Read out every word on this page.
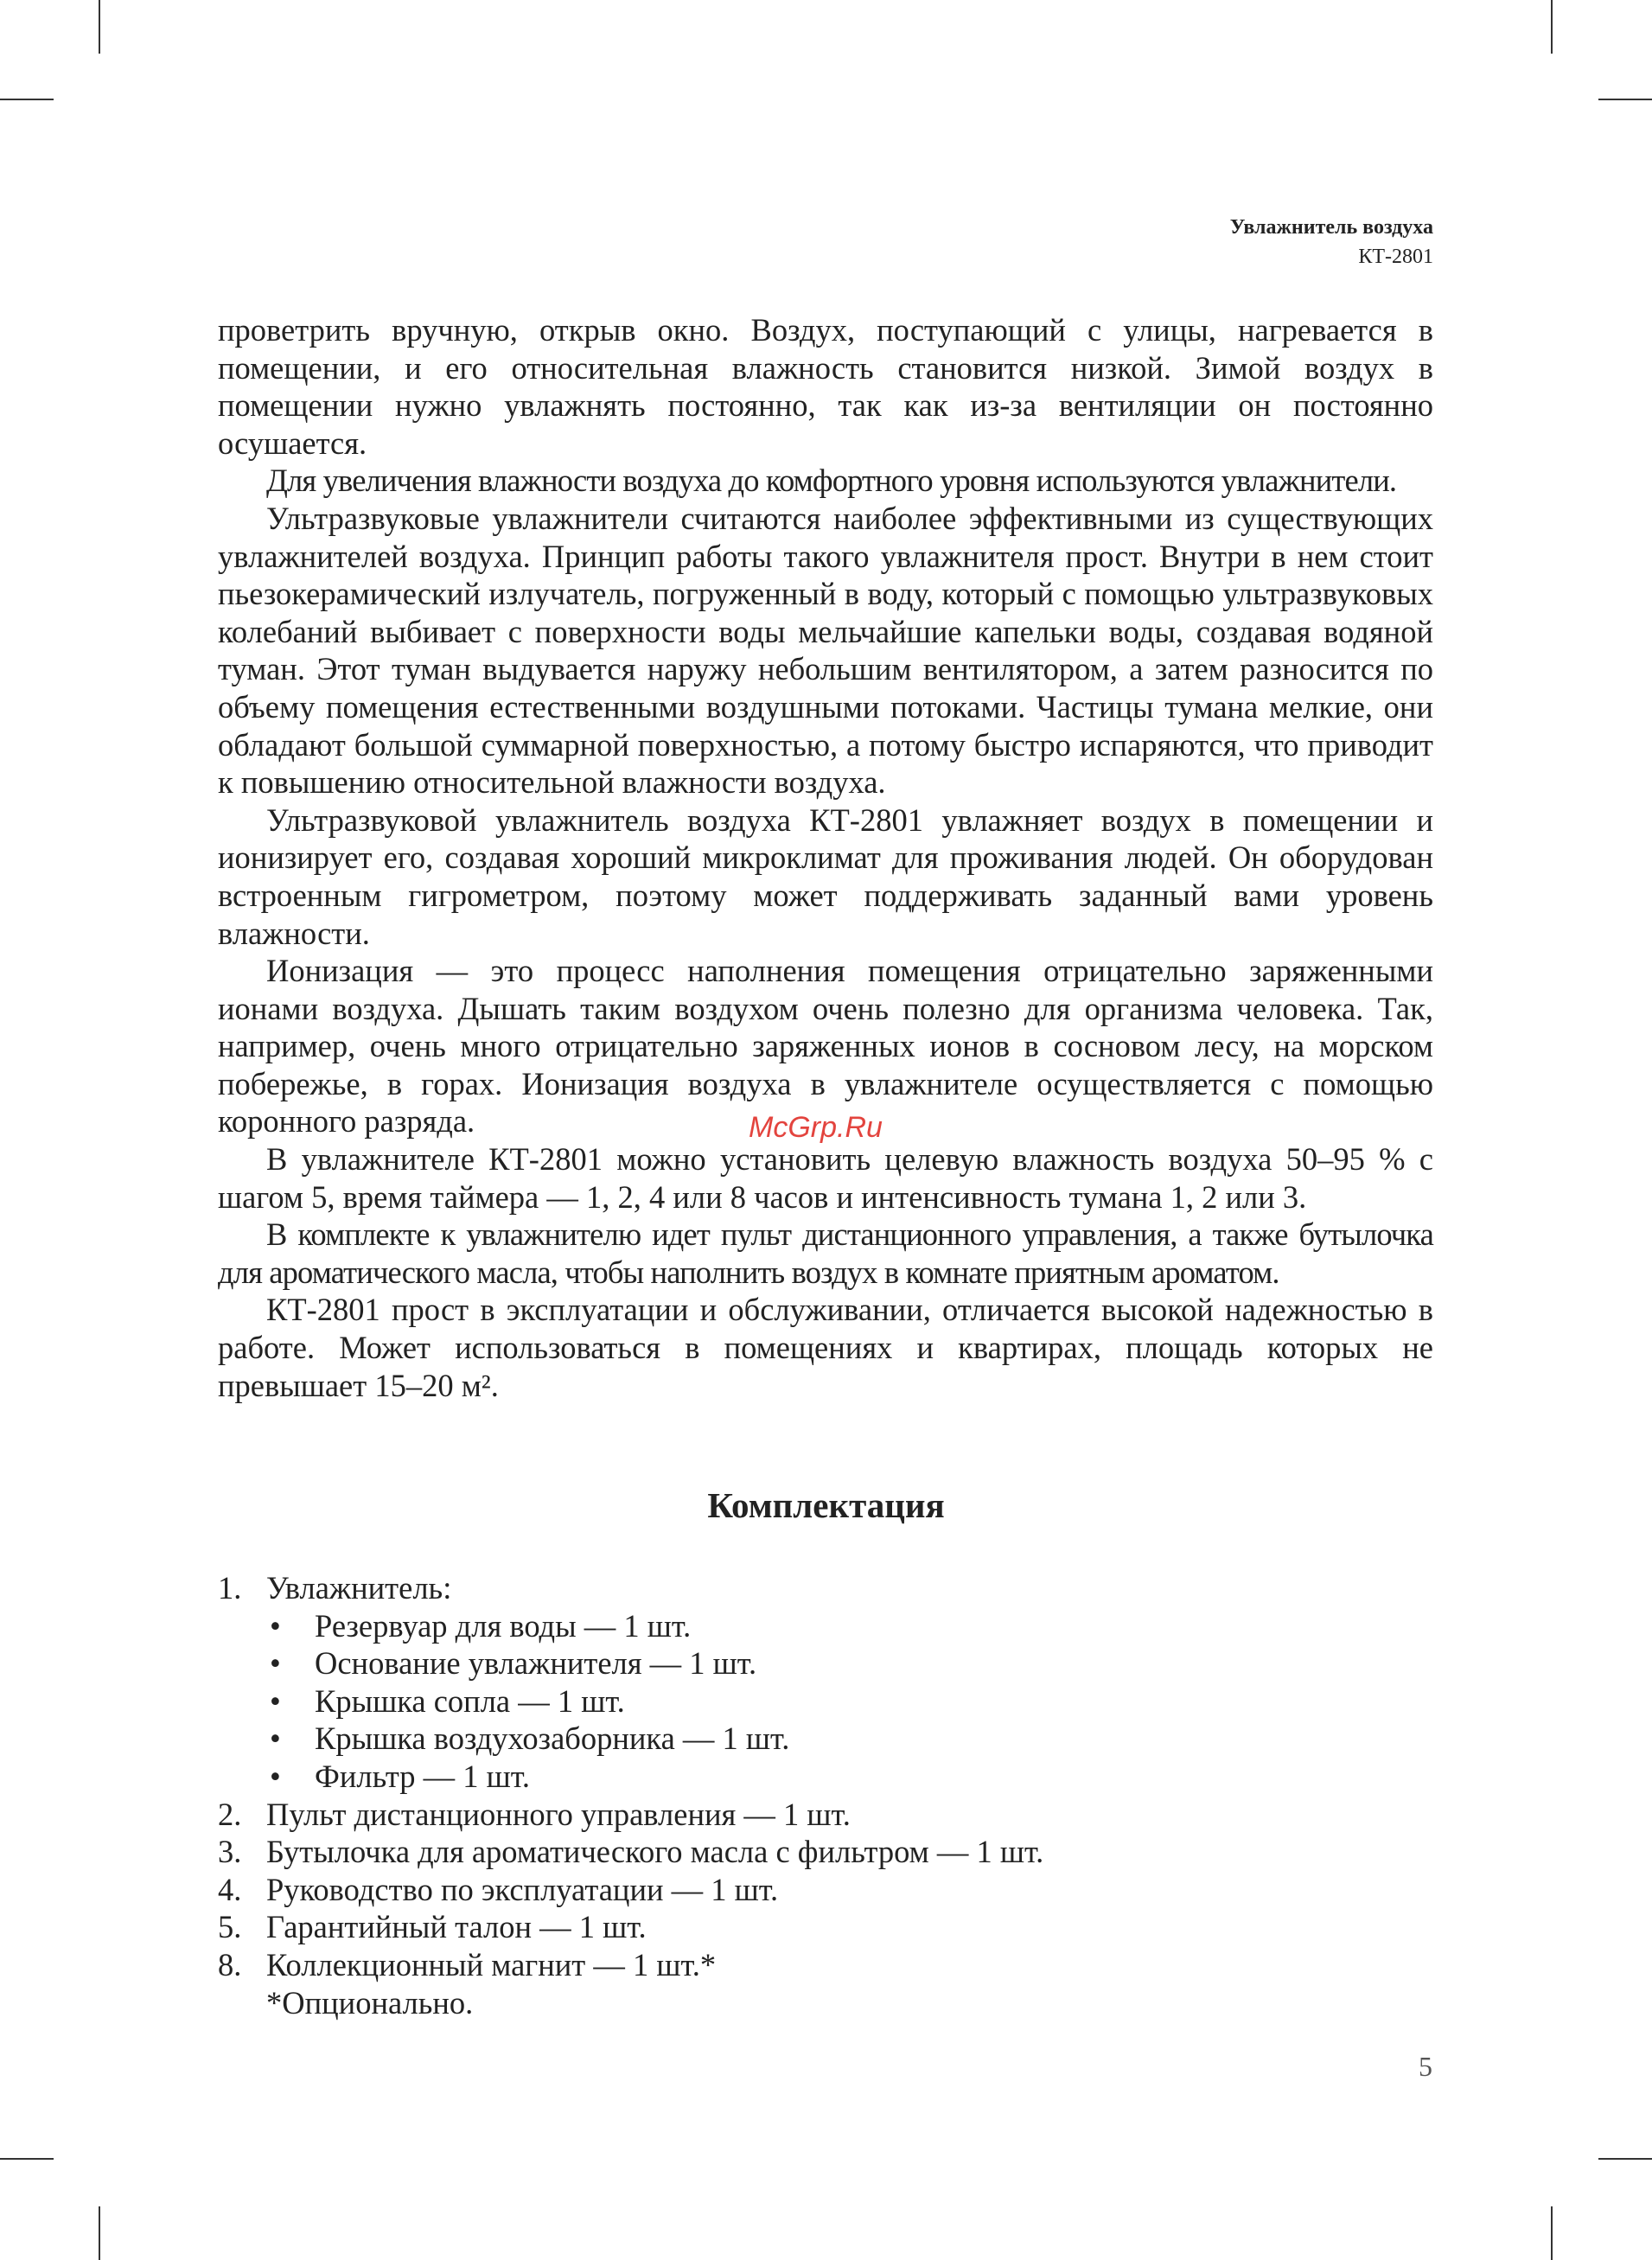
Увлажнитель воздуха
КТ-2801

проветрить вручную, открыв окно. Воздух, поступающий с улицы, нагревается в помещении, и его относительная влажность становится низкой. Зимой воздух в помещении нужно увлажнять постоянно, так как из-за вентиляции он постоянно осушается.

Для увеличения влажности воздуха до комфортного уровня используются увлажнители.

Ультразвуковые увлажнители считаются наиболее эффективными из существующих увлажнителей воздуха. Принцип работы такого увлажнителя прост. Внутри в нем стоит пьезокерамический излучатель, погруженный в воду, который с помощью ультразвуковых колебаний выбивает с поверхности воды мельчайшие капельки воды, создавая водяной туман. Этот туман выдувается наружу небольшим вентилятором, а затем разносится по объему помещения естественными воздушными потоками. Частицы тумана мелкие, они обладают большой суммарной поверхностью, а потому быстро испаряются, что приводит к повышению относительной влажности воздуха.

Ультразвуковой увлажнитель воздуха КТ-2801 увлажняет воздух в помещении и ионизирует его, создавая хороший микроклимат для проживания людей. Он оборудован встроенным гигрометром, поэтому может поддерживать заданный вами уровень влажности.

Ионизация — это процесс наполнения помещения отрицательно заряженными ионами воздуха. Дышать таким воздухом очень полезно для организма человека. Так, например, очень много отрицательно заряженных ионов в сосновом лесу, на морском побережье, в горах. Ионизация воздуха в увлажнителе осуществляется с помощью коронного разряда.

В увлажнителе КТ-2801 можно установить целевую влажность воздуха 50–95 % с шагом 5, время таймера — 1, 2, 4 или 8 часов и интенсивность тумана 1, 2 или 3.

В комплекте к увлажнителю идет пульт дистанционного управления, а также бутылочка для ароматического масла, чтобы наполнить воздух в комнате приятным ароматом.

КТ-2801 прост в эксплуатации и обслуживании, отличается высокой надежностью в работе. Может использоваться в помещениях и квартирах, площадь которых не превышает 15–20 м².

McGrp.Ru
Комплектация
1. Увлажнитель:
• Резервуар для воды — 1 шт.
• Основание увлажнителя — 1 шт.
• Крышка сопла — 1 шт.
• Крышка воздухозаборника — 1 шт.
• Фильтр — 1 шт.
2. Пульт дистанционного управления — 1 шт.
3. Бутылочка для ароматического масла с фильтром — 1 шт.
4. Руководство по эксплуатации — 1 шт.
5. Гарантийный талон — 1 шт.
8. Коллекционный магнит — 1 шт.*
*Опционально.
5
